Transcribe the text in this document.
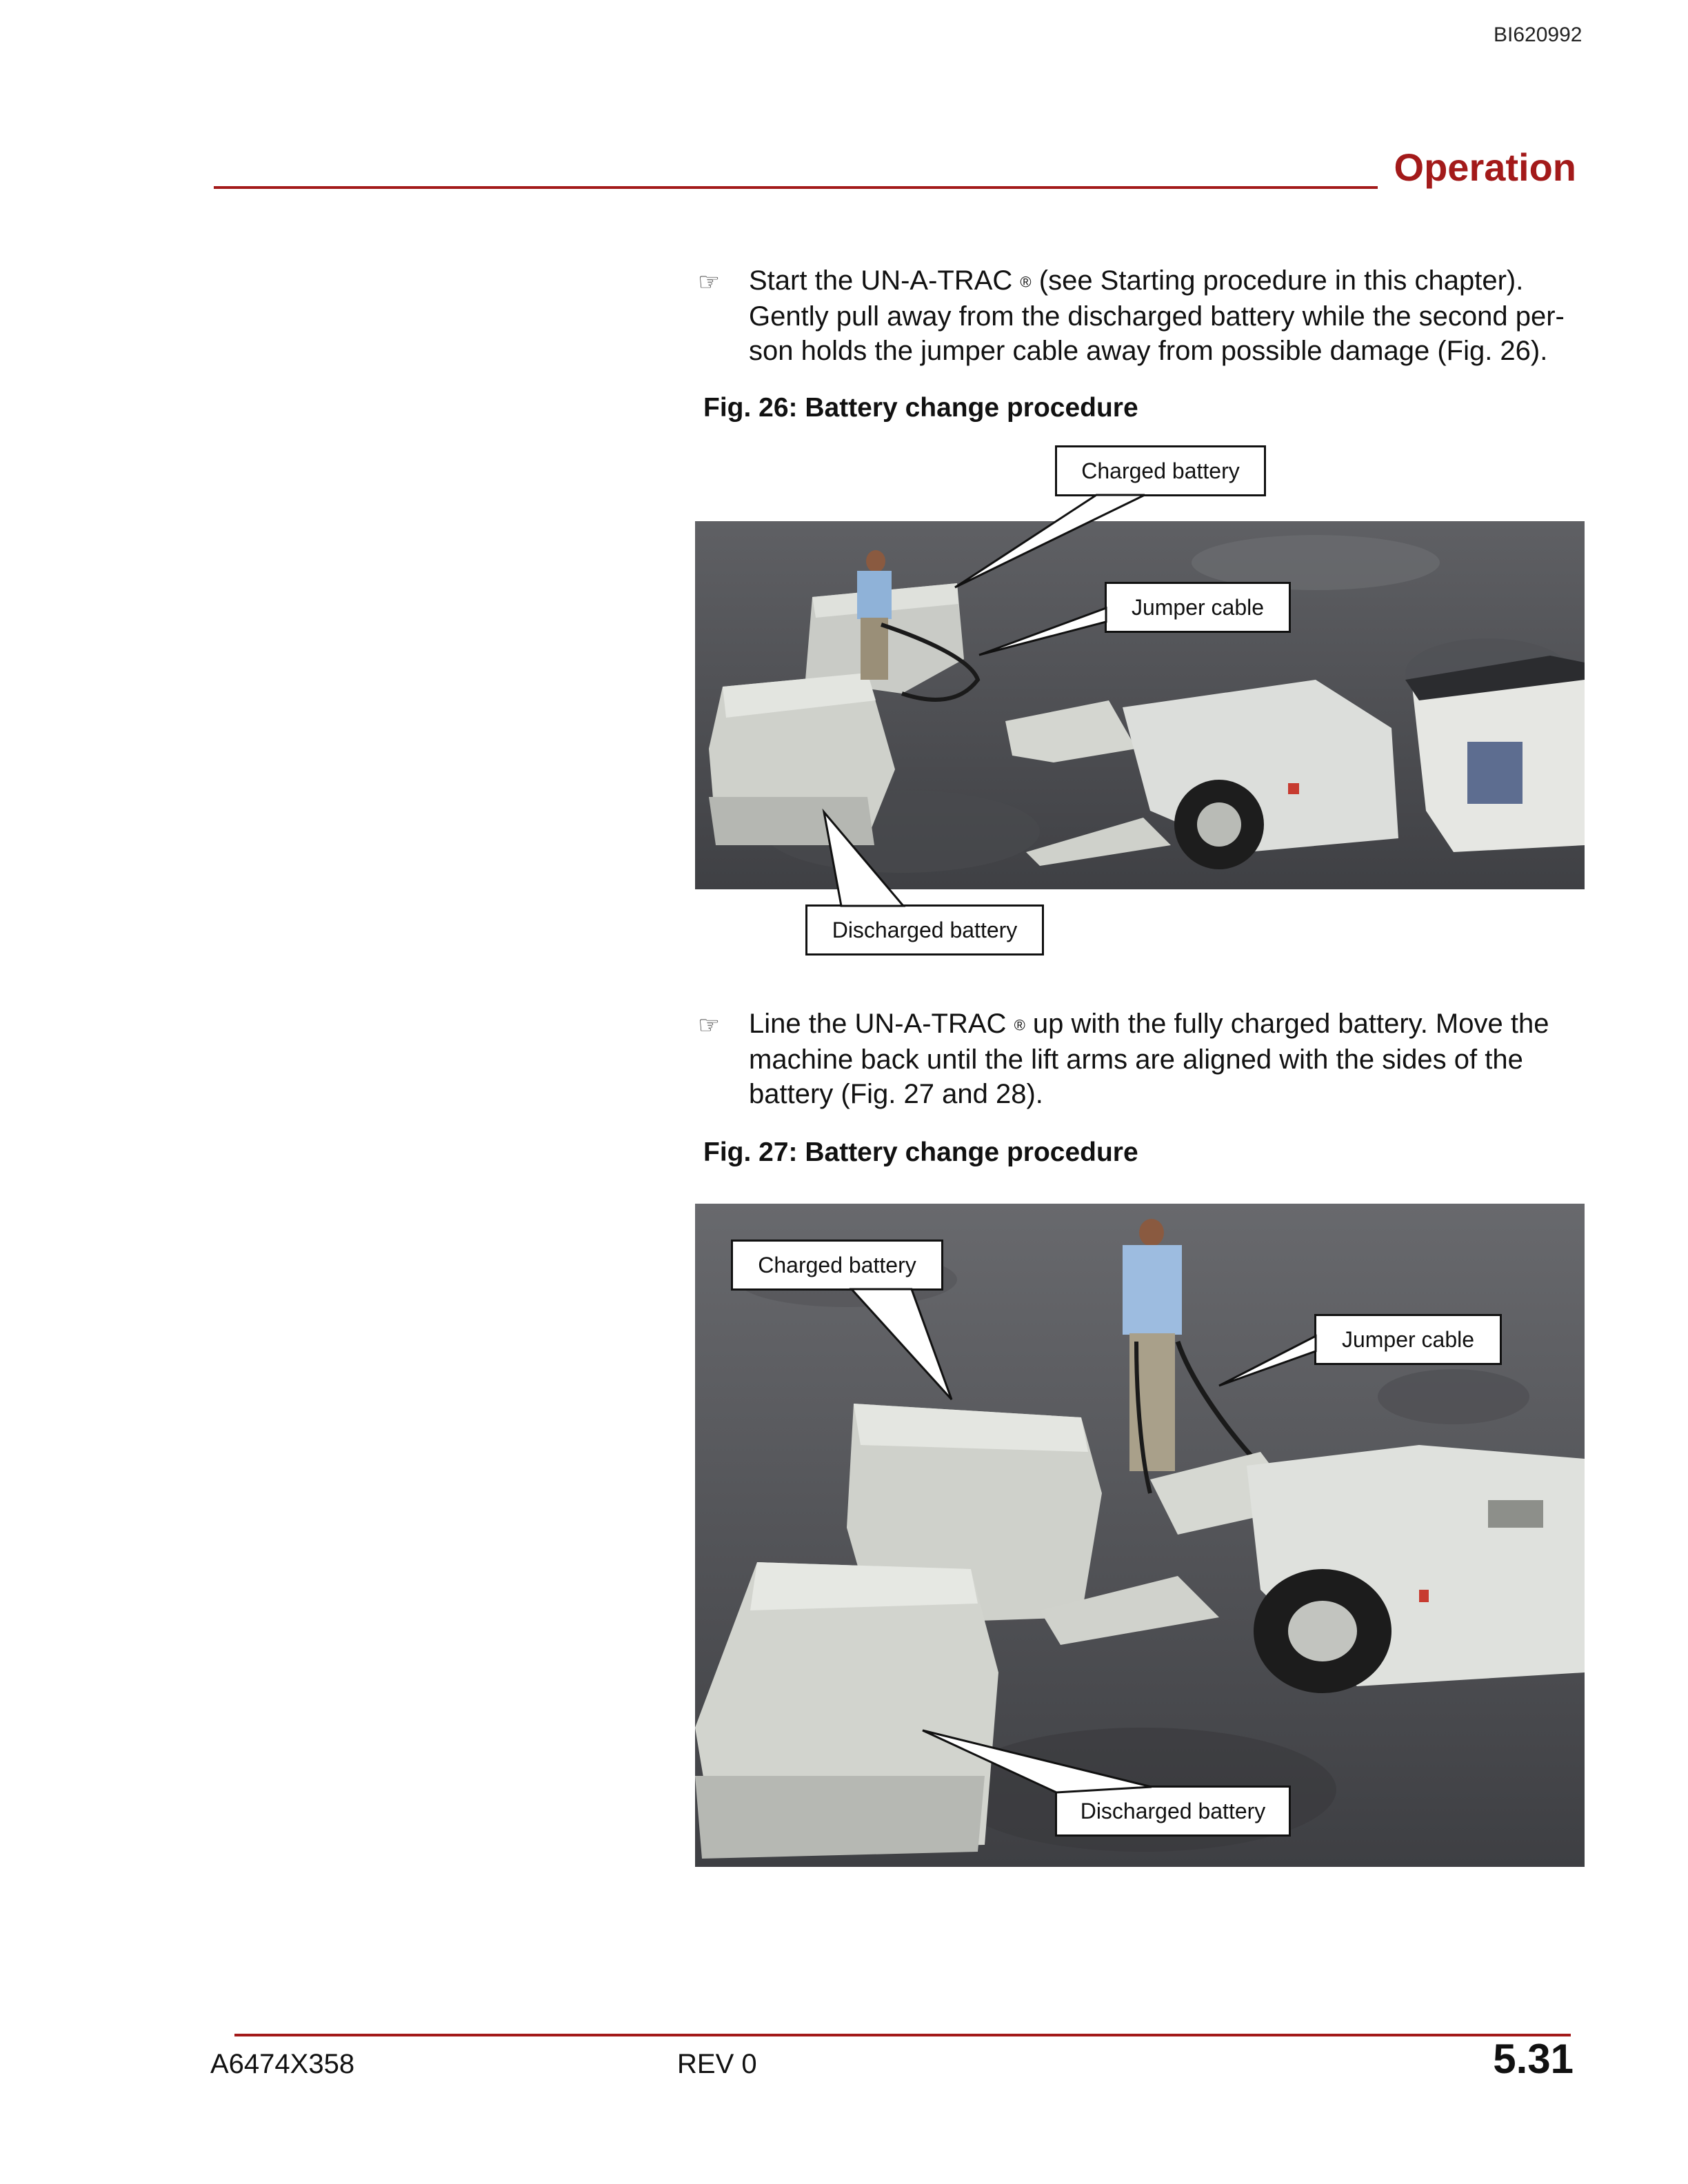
BI620992
Operation
☞ Start the UN-A-TRAC ® (see Starting procedure in this chapter).
Gently pull away from the discharged battery while the second per-
son holds the jumper cable away from possible damage (Fig. 26).
Fig. 26: Battery change procedure
Charged battery
Jumper cable
Discharged battery
☞ Line the UN-A-TRAC ® up with the fully charged battery. Move the
machine back until the lift arms are aligned with the sides of the
battery (Fig. 27 and 28).
Fig. 27: Battery change procedure
Charged battery
Jumper cable
Discharged battery
A6474X358	REV 0	5.31
